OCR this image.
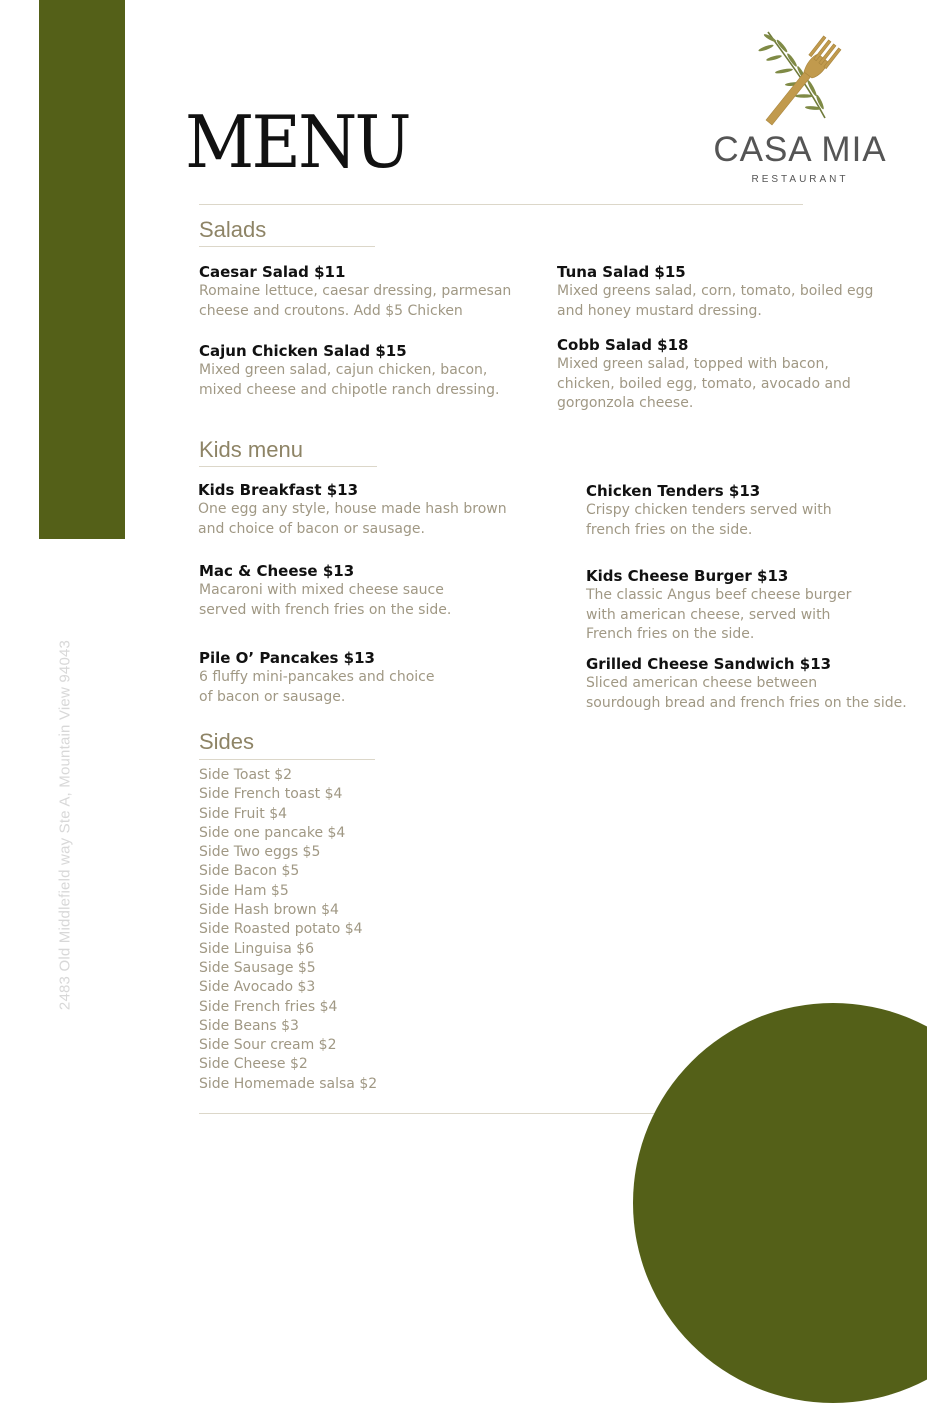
2483 Old Middlefield way Ste A, Mountain View 94043
MENU	CASA MIA
RESTAURANT
Salads
Caesar Salad $11
Romaine lettuce, caesar dressing, parmesan
cheese and croutons. Add $5 Chicken
Cajun Chicken Salad $15
Mixed green salad, cajun chicken, bacon,
mixed cheese and chipotle ranch dressing.
Tuna Salad $15
Mixed greens salad, corn, tomato, boiled egg
and honey mustard dressing.
Cobb Salad $18
Mixed green salad, topped with bacon,
chicken, boiled egg, tomato, avocado and
gorgonzola cheese.
Kids menu
Kids Breakfast $13
One egg any style, house made hash brown
and choice of bacon or sausage.
Mac & Cheese $13
Macaroni with mixed cheese sauce
served with french fries on the side.
Pile O’ Pancakes $13
6 fluffy mini-pancakes and choice
of bacon or sausage.
Chicken Tenders $13
Crispy chicken tenders served with
french fries on the side.
Kids Cheese Burger $13
The classic Angus beef cheese burger
with american cheese, served with
French fries on the side.
Grilled Cheese Sandwich $13
Sliced american cheese between
sourdough bread and french fries on the side.
Sides
Side Toast $2
Side French toast $4
Side Fruit $4
Side one pancake $4
Side Two eggs $5
Side Bacon $5
Side Ham $5
Side Hash brown $4
Side Roasted potato $4
Side Linguisa $6
Side Sausage $5
Side Avocado $3
Side French fries $4
Side Beans $3
Side Sour cream $2
Side Cheese $2
Side Homemade salsa $2
